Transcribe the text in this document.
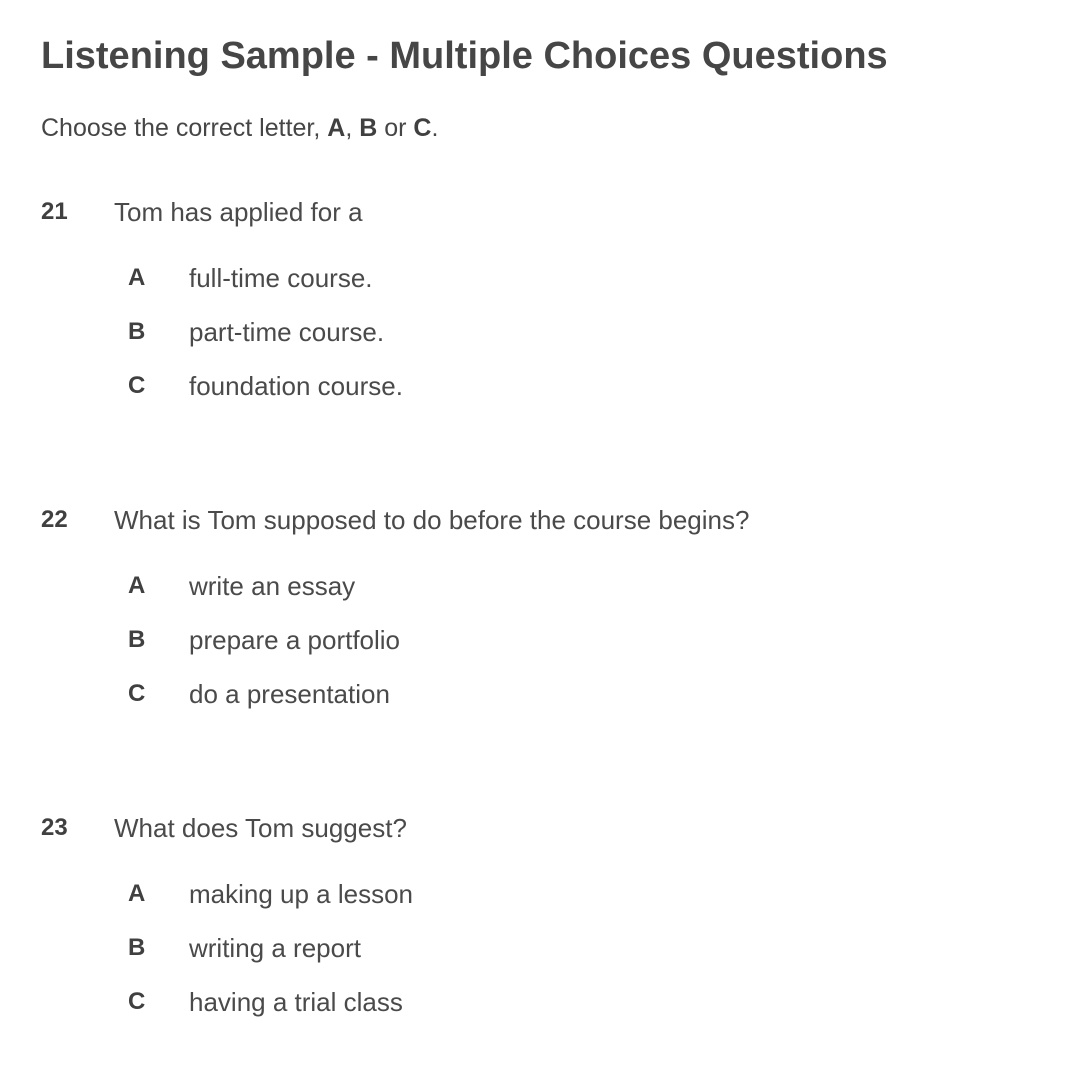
Listening Sample - Multiple Choices Questions

Choose the correct letter, A, B or C.

21 Tom has applied for a
A full-time course.
B part-time course.
C foundation course.
22 What is Tom supposed to do before the course begins?
A write an essay
B prepare a portfolio
C do a presentation
23 What does Tom suggest?
A making up a lesson
B writing a report
C having a trial class
